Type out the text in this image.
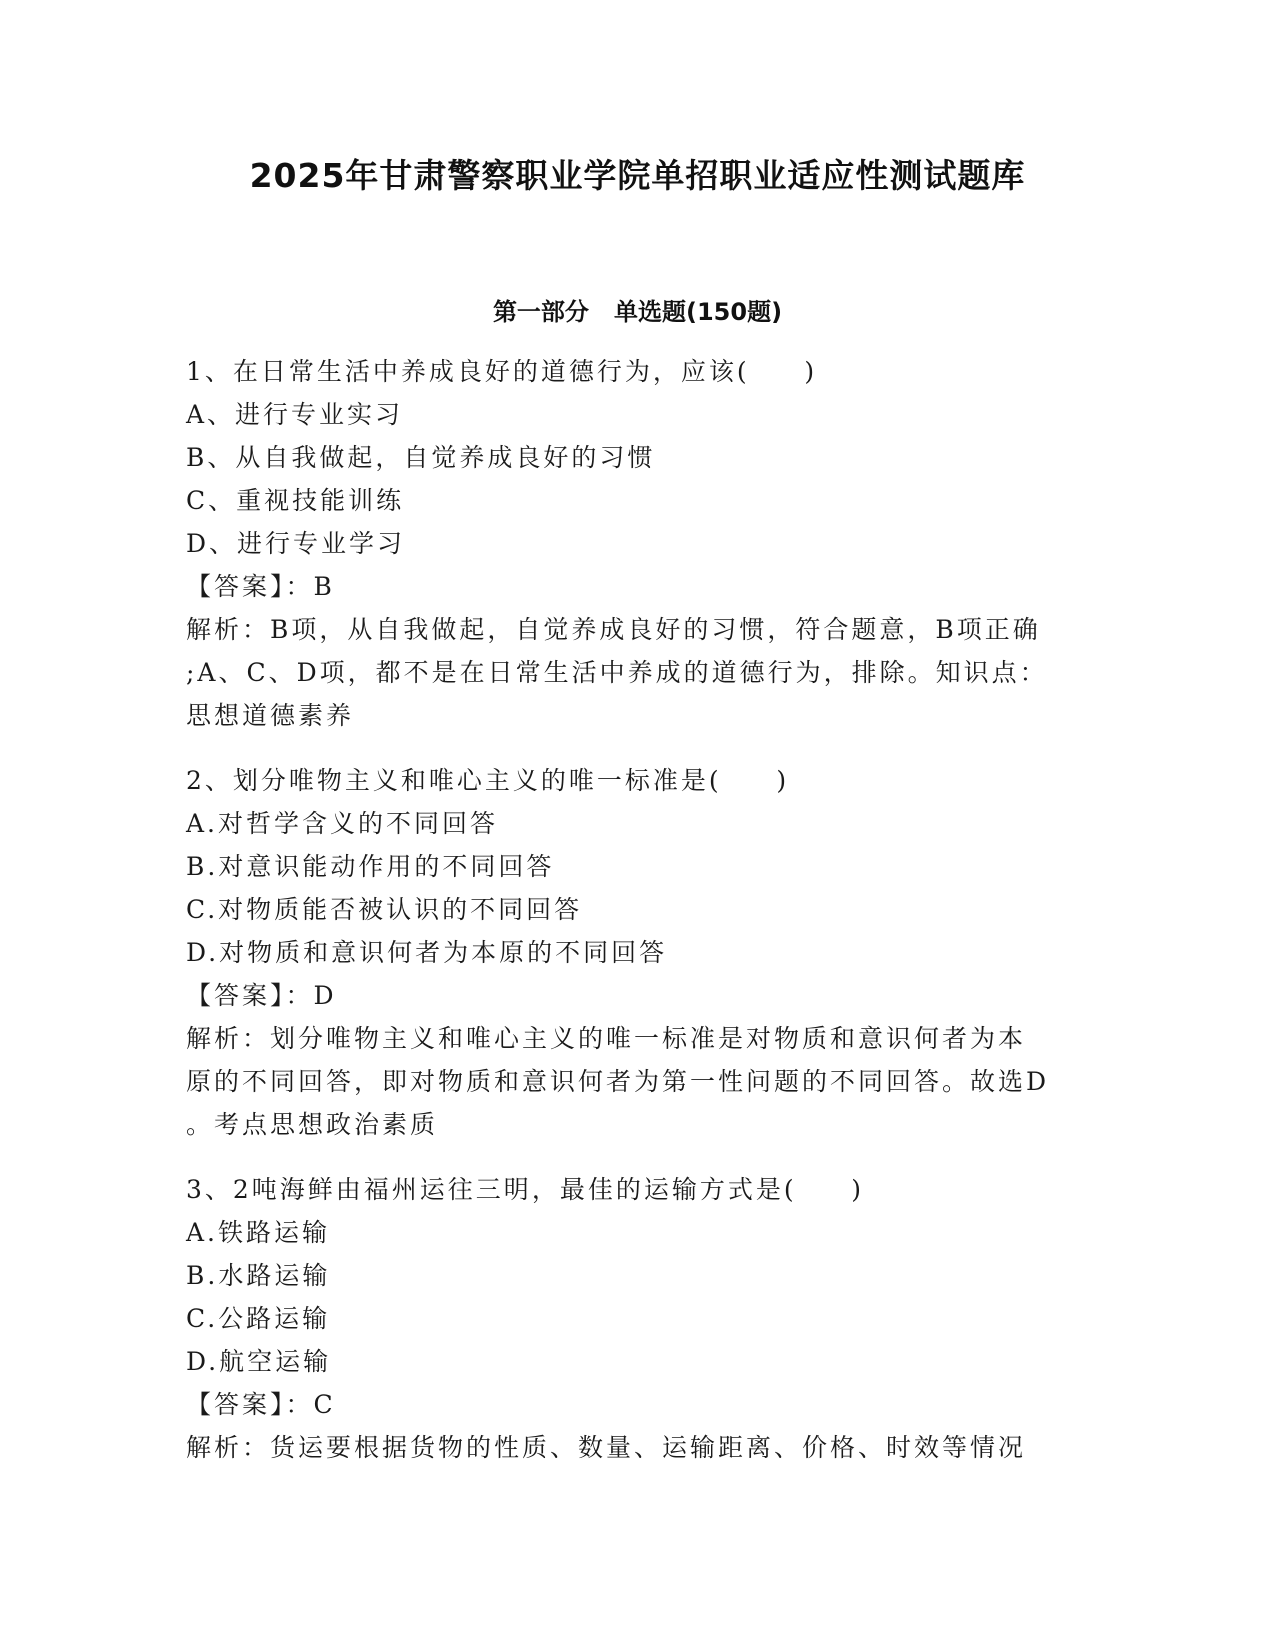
2025年甘肃警察职业学院单招职业适应性测试题库
第一部分   单选题(150题)

1、在日常生活中养成良好的道德行为，应该(     )

A、进行专业实习

B、从自我做起，自觉养成良好的习惯

C、重视技能训练

D、进行专业学习

【答案】：B

解析：B项，从自我做起，自觉养成良好的习惯，符合题意，B项正确

;A、C、D项，都不是在日常生活中养成的道德行为，排除。知识点：

思想道德素养

2、划分唯物主义和唯心主义的唯一标准是(     )

A.对哲学含义的不同回答

B.对意识能动作用的不同回答

C.对物质能否被认识的不同回答

D.对物质和意识何者为本原的不同回答

【答案】：D

解析：划分唯物主义和唯心主义的唯一标准是对物质和意识何者为本

原的不同回答，即对物质和意识何者为第一性问题的不同回答。故选D

。考点思想政治素质

3、2吨海鲜由福州运往三明，最佳的运输方式是(     )

A.铁路运输

B.水路运输

C.公路运输

D.航空运输

【答案】：C

解析：货运要根据货物的性质、数量、运输距离、价格、时效等情况
